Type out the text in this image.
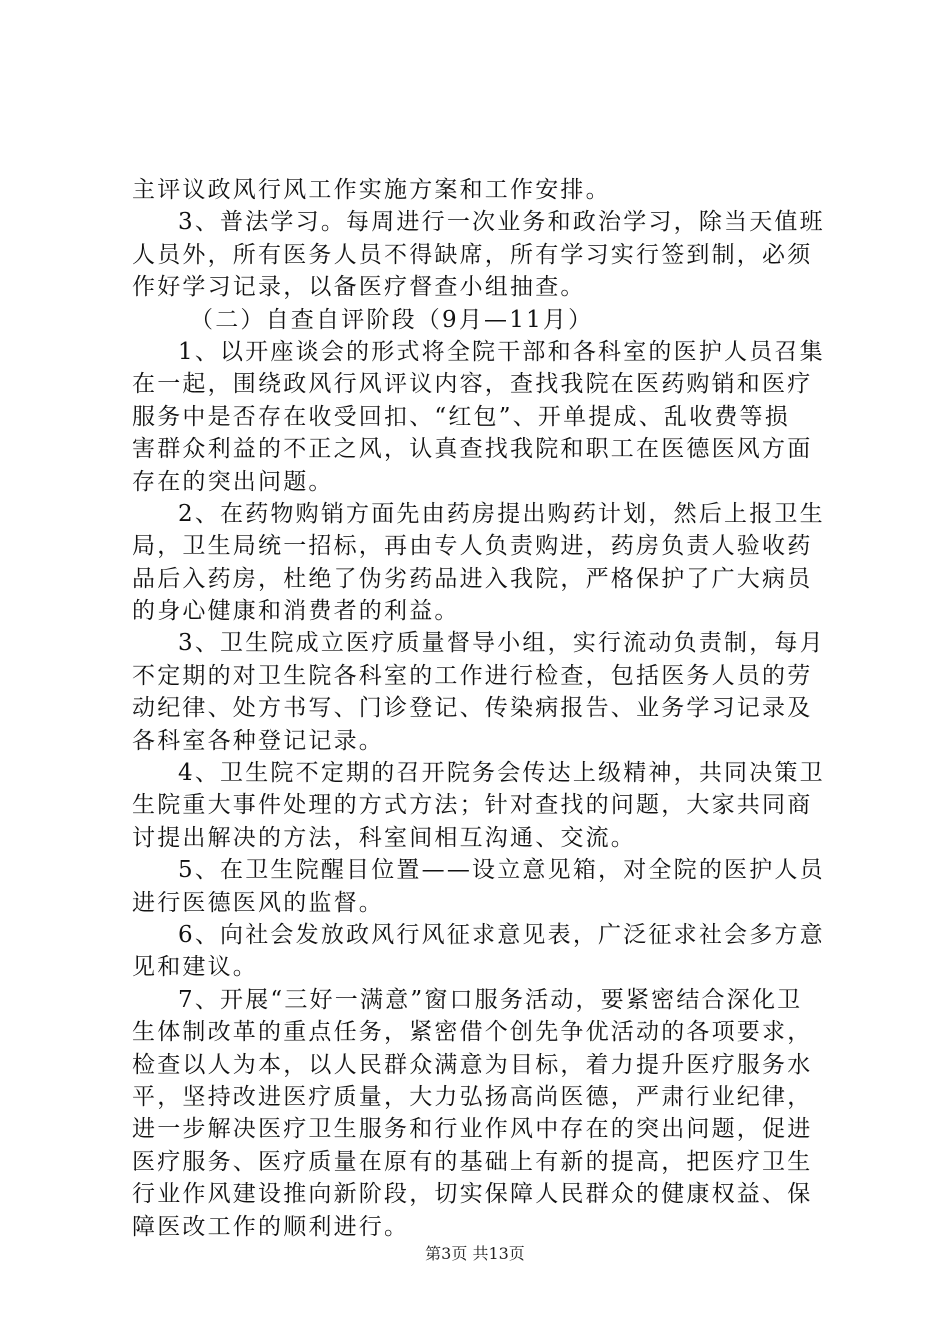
主评议政风行风工作实施方案和工作安排。
3、普法学习。每周进行一次业务和政治学习，除当天值班
人员外，所有医务人员不得缺席，所有学习实行签到制，必须
作好学习记录，以备医疗督查小组抽查。
（二）自查自评阶段（9月—11月）
1、以开座谈会的形式将全院干部和各科室的医护人员召集
在一起，围绕政风行风评议内容，查找我院在医药购销和医疗
服务中是否存在收受回扣、“红包”、开单提成、乱收费等损
害群众利益的不正之风，认真查找我院和职工在医德医风方面
存在的突出问题。
2、在药物购销方面先由药房提出购药计划，然后上报卫生
局，卫生局统一招标，再由专人负责购进，药房负责人验收药
品后入药房，杜绝了伪劣药品进入我院，严格保护了广大病员
的身心健康和消费者的利益。
3、卫生院成立医疗质量督导小组，实行流动负责制，每月
不定期的对卫生院各科室的工作进行检查，包括医务人员的劳
动纪律、处方书写、门诊登记、传染病报告、业务学习记录及
各科室各种登记记录。
4、卫生院不定期的召开院务会传达上级精神，共同决策卫
生院重大事件处理的方式方法；针对查找的问题，大家共同商
讨提出解决的方法，科室间相互沟通、交流。
5、在卫生院醒目位置——设立意见箱，对全院的医护人员
进行医德医风的监督。
6、向社会发放政风行风征求意见表，广泛征求社会多方意
见和建议。
7、开展“三好一满意”窗口服务活动，要紧密结合深化卫
生体制改革的重点任务，紧密借个创先争优活动的各项要求，
检查以人为本，以人民群众满意为目标，着力提升医疗服务水
平，坚持改进医疗质量，大力弘扬高尚医德，严肃行业纪律，
进一步解决医疗卫生服务和行业作风中存在的突出问题，促进
医疗服务、医疗质量在原有的基础上有新的提高，把医疗卫生
行业作风建设推向新阶段，切实保障人民群众的健康权益、保
障医改工作的顺利进行。
第3页 共13页
